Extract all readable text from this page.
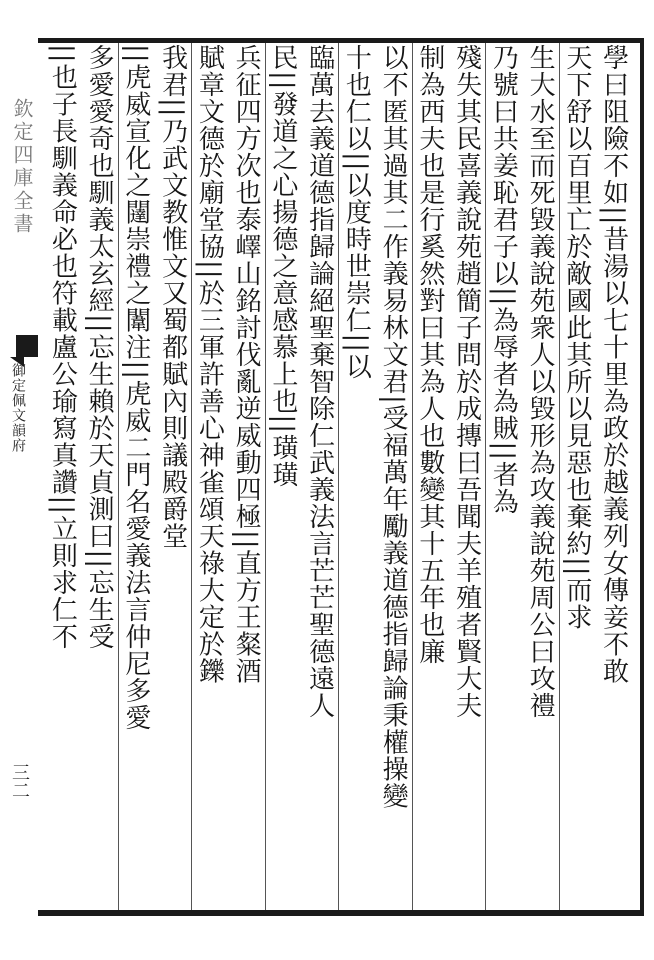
欽定四庫全書
御定佩文韻府
三二
學曰阻險不如||昔湯以七十里為政於越義列女傳妾不敢
天下舒以百里亡於敵國此其所以見惡也棄約||而求
生大水至而死毀義說苑衆人以毀形為攻義說苑周公曰攻禮
乃號曰共姜恥君子以||為辱者為賊||者為
殘失其民喜義說苑趙簡子問於成摶曰吾聞夫羊殖者賢大夫
制為西夫也是行奚然對曰其為人也數變其十五年也廉
以不匿其過其二作義易林文君|受福萬年勵義道德指歸論秉權操變
十也仁以||以度時世崇仁||以
臨萬去義道德指歸論絕聖棄智除仁武義法言芒芒聖德遠人
民||發道之心揚德之意感慕上也||璜璜
兵征四方次也泰嶧山銘討伐亂逆威動四極||直方王粲酒
賦章文德於廟堂協||於三軍許善心神雀頌天祿大定於鑠
我君||乃武文教惟文又蜀都賦內則議殿爵堂
||虎威宣化之闥崇禮之闈注||虎威二門名愛義法言仲尼多愛
多愛愛奇也馴義太玄經||忘生賴於天貞測曰||忘生受
||也子長馴義命必也符載盧公瑜寫真讚||立則求仁不
